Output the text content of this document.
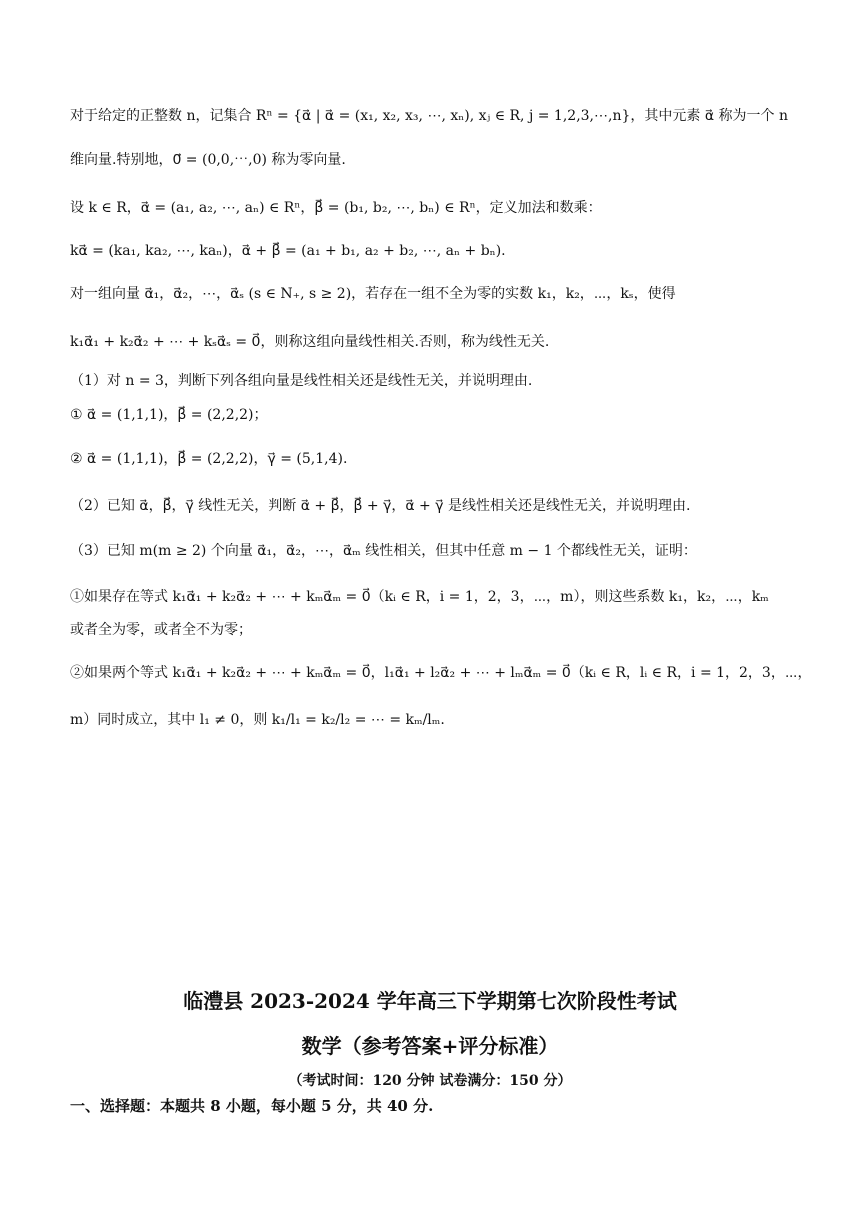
对于给定的正整数 n，记集合 Rⁿ = {α⃗ | α⃗ = (x₁, x₂, x₃, ⋯, xₙ), xⱼ ∈ R, j = 1,2,3,⋯,n}，其中元素 α⃗ 称为一个 n
维向量.特别地，0⃗ = (0,0,⋯,0) 称为零向量.
设 k ∈ R，α⃗ = (a₁, a₂, ⋯, aₙ) ∈ Rⁿ，β⃗ = (b₁, b₂, ⋯, bₙ) ∈ Rⁿ，定义加法和数乘：
kα⃗ = (ka₁, ka₂, ⋯, kaₙ)，α⃗ + β⃗ = (a₁ + b₁, a₂ + b₂, ⋯, aₙ + bₙ).
对一组向量 α⃗₁，α⃗₂，⋯，α⃗ₛ (s ∈ N₊, s ≥ 2)，若存在一组不全为零的实数 k₁，k₂，⋯，kₛ，使得
k₁α⃗₁ + k₂α⃗₂ + ⋯ + kₛα⃗ₛ = 0⃗，则称这组向量线性相关.否则，称为线性无关.
（1）对 n = 3，判断下列各组向量是线性相关还是线性无关，并说明理由.
① α⃗ = (1,1,1)，β⃗ = (2,2,2)；
② α⃗ = (1,1,1)，β⃗ = (2,2,2)，γ⃗ = (5,1,4).
（2）已知 α⃗，β⃗，γ⃗ 线性无关，判断 α⃗ + β⃗，β⃗ + γ⃗，α⃗ + γ⃗ 是线性相关还是线性无关，并说明理由.
（3）已知 m(m ≥ 2) 个向量 α⃗₁，α⃗₂，⋯，α⃗ₘ 线性相关，但其中任意 m − 1 个都线性无关，证明：
①如果存在等式 k₁α⃗₁ + k₂α⃗₂ + ⋯ + kₘα⃗ₘ = 0⃗（kᵢ ∈ R，i = 1，2，3，⋯，m），则这些系数 k₁，k₂，⋯，kₘ
或者全为零，或者全不为零；
②如果两个等式 k₁α⃗₁ + k₂α⃗₂ + ⋯ + kₘα⃗ₘ = 0⃗，l₁α⃗₁ + l₂α⃗₂ + ⋯ + lₘα⃗ₘ = 0⃗（kᵢ ∈ R，lᵢ ∈ R，i = 1，2，3，⋯，
m）同时成立，其中 l₁ ≠ 0，则 k₁/l₁ = k₂/l₂ = ⋯ = kₘ/lₘ.
临澧县 2023-2024 学年高三下学期第七次阶段性考试
数学（参考答案+评分标准）
（考试时间：120 分钟 试卷满分：150 分）
一、选择题：本题共 8 小题，每小题 5 分，共 40 分.
